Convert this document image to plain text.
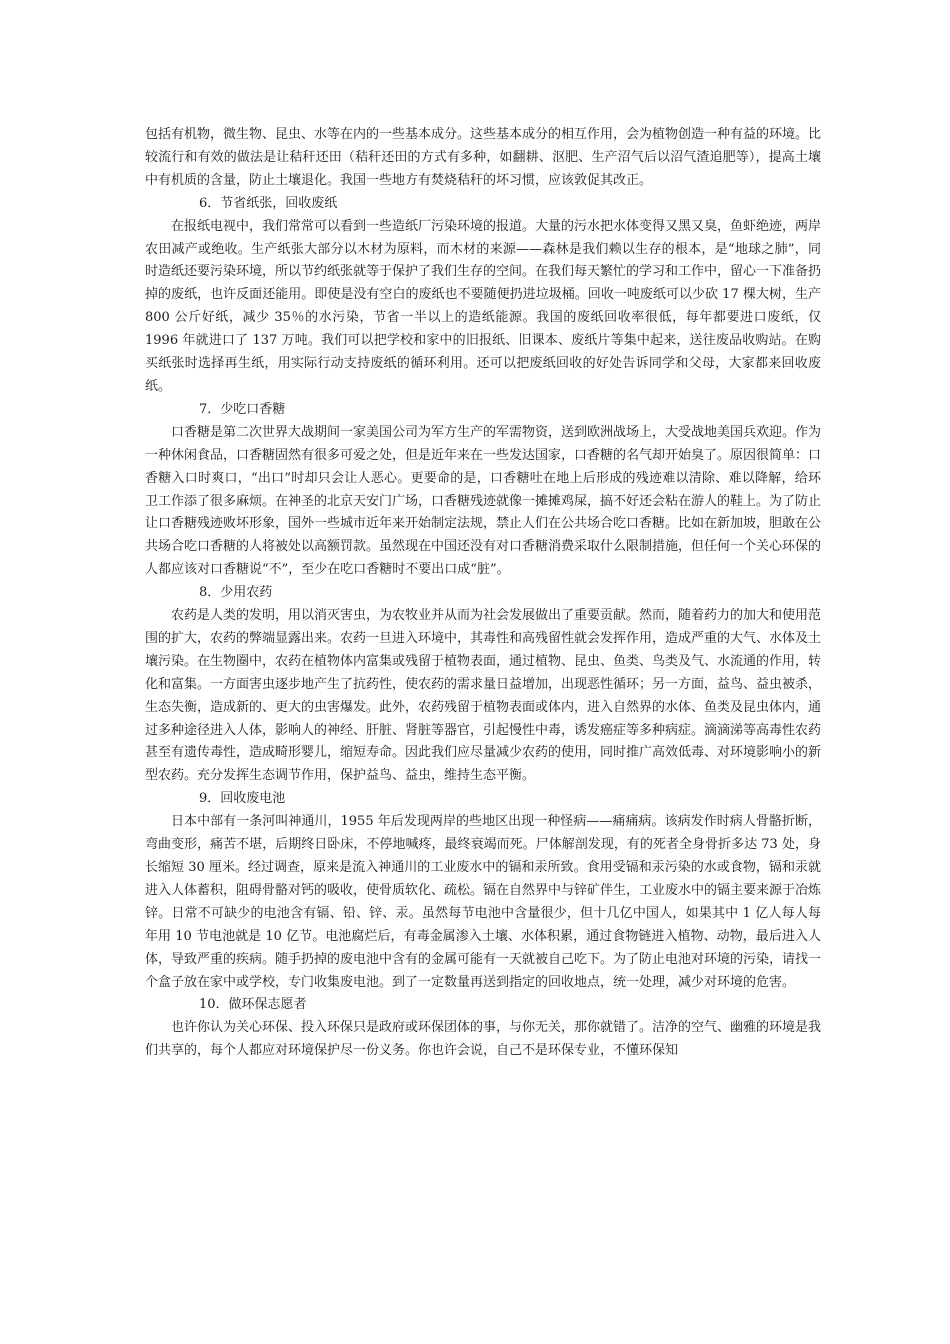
包括有机物，微生物、昆虫、水等在内的一些基本成分。这些基本成分的相互作用，会为植物创造一种有益的环境。比较流行和有效的做法是让秸秆还田（秸秆还田的方式有多种，如翻耕、沤肥、生产沼气后以沼气渣追肥等），提高土壤中有机质的含量，防止土壤退化。我国一些地方有焚烧秸秆的坏习惯，应该敦促其改正。

6．节省纸张，回收废纸

在报纸电视中，我们常常可以看到一些造纸厂污染环境的报道。大量的污水把水体变得又黑又臭，鱼虾绝迹，两岸农田减产或绝收。生产纸张大部分以木材为原料，而木材的来源——森林是我们赖以生存的根本，是“地球之肺”，同时造纸还要污染环境，所以节约纸张就等于保护了我们生存的空间。在我们每天繁忙的学习和工作中，留心一下准备扔掉的废纸，也许反面还能用。即使是没有空白的废纸也不要随便扔进垃圾桶。回收一吨废纸可以少砍 17 棵大树，生产 800 公斤好纸，减少 35％的水污染，节省一半以上的造纸能源。我国的废纸回收率很低，每年都要进口废纸，仅 1996 年就进口了 137 万吨。我们可以把学校和家中的旧报纸、旧课本、废纸片等集中起来，送往废品收购站。在购买纸张时选择再生纸，用实际行动支持废纸的循环利用。还可以把废纸回收的好处告诉同学和父母，大家都来回收废纸。

7．少吃口香糖

口香糖是第二次世界大战期间一家美国公司为军方生产的军需物资，送到欧洲战场上，大受战地美国兵欢迎。作为一种休闲食品，口香糖固然有很多可爱之处，但是近年来在一些发达国家，口香糖的名气却开始臭了。原因很简单：口香糖入口时爽口，“出口”时却只会让人恶心。更要命的是，口香糖吐在地上后形成的残迹难以清除、难以降解，给环卫工作添了很多麻烦。在神圣的北京天安门广场，口香糖残迹就像一摊摊鸡屎，搞不好还会粘在游人的鞋上。为了防止让口香糖残迹败坏形象，国外一些城市近年来开始制定法规，禁止人们在公共场合吃口香糖。比如在新加坡，胆敢在公共场合吃口香糖的人将被处以高额罚款。虽然现在中国还没有对口香糖消费采取什么限制措施，但任何一个关心环保的人都应该对口香糖说“不”，至少在吃口香糖时不要出口成“脏”。

8．少用农药

农药是人类的发明，用以消灭害虫，为农牧业并从而为社会发展做出了重要贡献。然而，随着药力的加大和使用范围的扩大，农药的弊端显露出来。农药一旦进入环境中，其毒性和高残留性就会发挥作用，造成严重的大气、水体及土壤污染。在生物圈中，农药在植物体内富集或残留于植物表面，通过植物、昆虫、鱼类、鸟类及气、水流通的作用，转化和富集。一方面害虫逐步地产生了抗药性，使农药的需求量日益增加，出现恶性循环；另一方面，益鸟、益虫被杀，生态失衡，造成新的、更大的虫害爆发。此外，农药残留于植物表面或体内，进入自然界的水体、鱼类及昆虫体内，通过多种途径进入人体，影响人的神经、肝脏、肾脏等器官，引起慢性中毒，诱发癌症等多种病症。滴滴涕等高毒性农药甚至有遗传毒性，造成畸形婴儿，缩短寿命。因此我们应尽量减少农药的使用，同时推广高效低毒、对环境影响小的新型农药。充分发挥生态调节作用，保护益鸟、益虫，维持生态平衡。

9．回收废电池

日本中部有一条河叫神通川，1955 年后发现两岸的些地区出现一种怪病——痛痛病。该病发作时病人骨骼折断，弯曲变形，痛苦不堪，后期终日卧床，不停地喊疼，最终衰竭而死。尸体解剖发现，有的死者全身骨折多达 73 处，身长缩短 30 厘米。经过调查，原来是流入神通川的工业废水中的镉和汞所致。食用受镉和汞污染的水或食物，镉和汞就进入人体蓄积，阻碍骨骼对钙的吸收，使骨质软化、疏松。镉在自然界中与锌矿伴生，工业废水中的镉主要来源于冶炼锌。日常不可缺少的电池含有镉、铅、锌、汞。虽然每节电池中含量很少，但十几亿中国人，如果其中 1 亿人每人每年用 10 节电池就是 10 亿节。电池腐烂后，有毒金属渗入土壤、水体积累，通过食物链进入植物、动物，最后进入人体，导致严重的疾病。随手扔掉的废电池中含有的金属可能有一天就被自己吃下。为了防止电池对环境的污染，请找一个盒子放在家中或学校，专门收集废电池。到了一定数量再送到指定的回收地点，统一处理，减少对环境的危害。

10．做环保志愿者

也许你认为关心环保、投入环保只是政府或环保团体的事，与你无关，那你就错了。洁净的空气、幽雅的环境是我们共享的，每个人都应对环境保护尽一份义务。你也许会说，自己不是环保专业，不懂环保知
